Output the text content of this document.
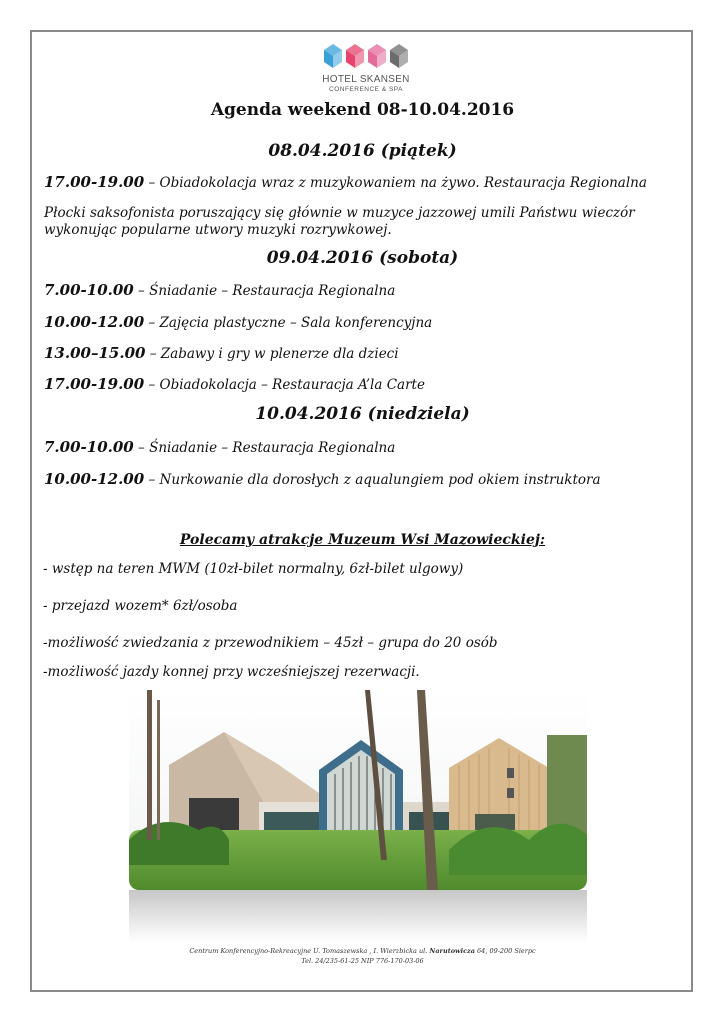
HOTEL SKANSEN
CONFERENCE & SPA
Agenda weekend 08-10.04.2016
08.04.2016 (piątek)
17.00-19.00 – Obiadokolacja wraz z muzykowaniem na żywo. Restauracja Regionalna
Płocki saksofonista poruszający się głównie w muzyce jazzowej umili Państwu wieczór wykonując popularne utwory muzyki rozrywkowej.
09.04.2016 (sobota)
7.00-10.00 – Śniadanie – Restauracja Regionalna
10.00-12.00 – Zajęcia plastyczne – Sala konferencyjna
13.00–15.00 – Zabawy i gry w plenerze dla dzieci
17.00-19.00 – Obiadokolacja – Restauracja A’la Carte
10.04.2016 (niedziela)
7.00-10.00 – Śniadanie – Restauracja Regionalna
10.00-12.00 – Nurkowanie dla dorosłych z aqualungiem pod okiem instruktora
Polecamy atrakcje Muzeum Wsi Mazowieckiej:
- wstęp na teren MWM (10zł-bilet normalny, 6zł-bilet ulgowy)
- przejazd wozem* 6zł/osoba
-możliwość zwiedzania z przewodnikiem – 45zł – grupa do 20 osób
-możliwość jazdy konnej przy wcześniejszej rezerwacji.
Centrum Konferencyjno-Rekreacyjne U. Tomaszewska , I. Wierzbicka ul. Narutowicza 64, 09-200 Sierpc
Tel. 24/235-61-25 NIP 776-170-03-06
